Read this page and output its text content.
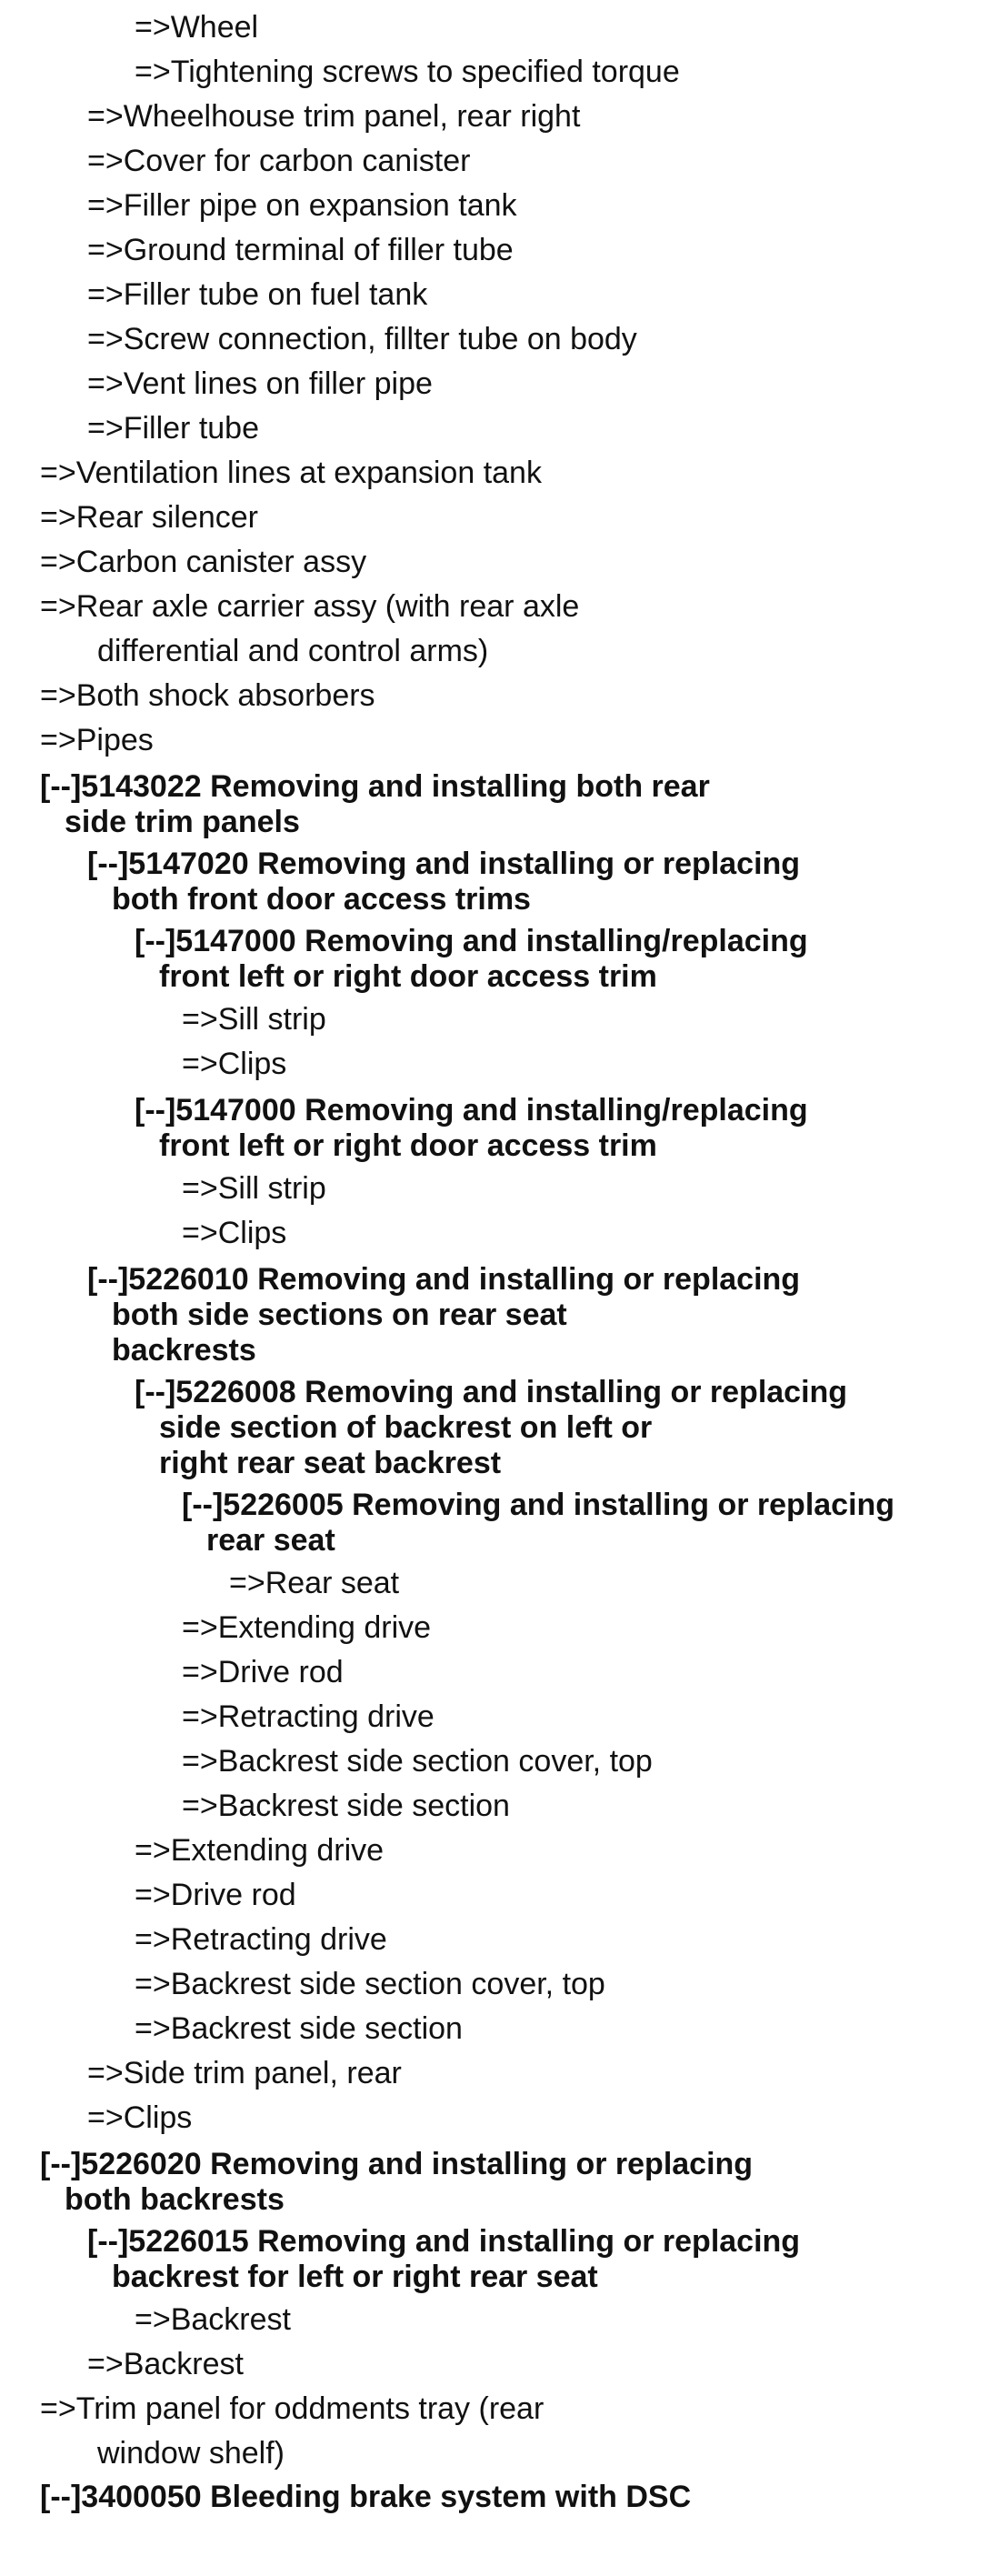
=>Wheel
=>Tightening screws to specified torque
=>Wheelhouse trim panel, rear right
=>Cover for carbon canister
=>Filler pipe on expansion tank
=>Ground terminal of filler tube
=>Filler tube on fuel tank
=>Screw connection, fillter tube on body
=>Vent lines on filler pipe
=>Filler tube
=>Ventilation lines at expansion tank
=>Rear silencer
=>Carbon canister assy
=>Rear axle carrier assy (with rear axle
differential and control arms)
=>Both shock absorbers
=>Pipes
[--]5143022 Removing and installing both rear
side trim panels
[--]5147020 Removing and installing or replacing
both front door access trims
[--]5147000 Removing and installing/replacing
front left or right door access trim
=>Sill strip
=>Clips
[--]5147000 Removing and installing/replacing
front left or right door access trim
=>Sill strip
=>Clips
[--]5226010 Removing and installing or replacing
both side sections on rear seat
backrests
[--]5226008 Removing and installing or replacing
side section of backrest on left or
right rear seat backrest
[--]5226005 Removing and installing or replacing
rear seat
=>Rear seat
=>Extending drive
=>Drive rod
=>Retracting drive
=>Backrest side section cover, top
=>Backrest side section
=>Extending drive
=>Drive rod
=>Retracting drive
=>Backrest side section cover, top
=>Backrest side section
=>Side trim panel, rear
=>Clips
[--]5226020 Removing and installing or replacing
both backrests
[--]5226015 Removing and installing or replacing
backrest for left or right rear seat
=>Backrest
=>Backrest
=>Trim panel for oddments tray (rear
window shelf)
[--]3400050 Bleeding brake system with DSC
